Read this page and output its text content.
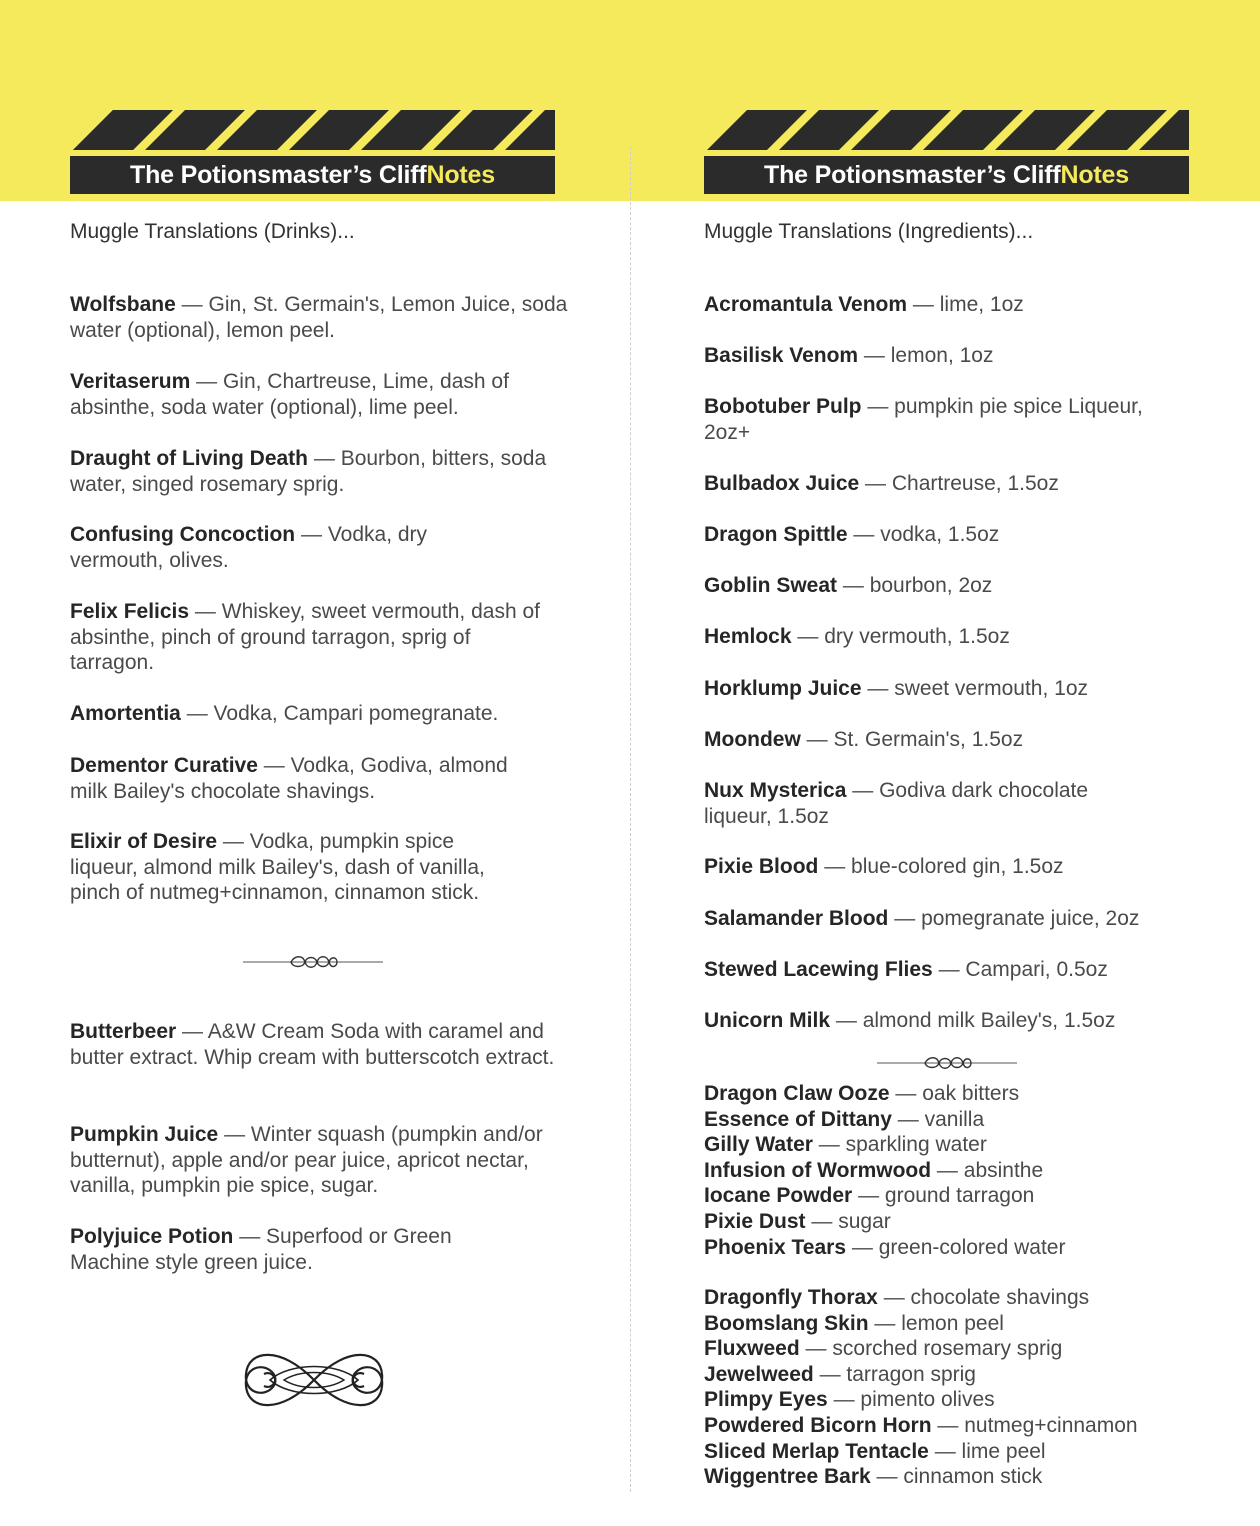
The Potionsmaster’s CliffNotes	The Potionsmaster’s CliffNotes
Muggle Translations (Drinks)...	Muggle Translations (Ingredients)...
Wolfsbane — Gin, St. Germain's, Lemon Juice, soda water (optional), lemon peel.
Veritaserum — Gin, Chartreuse, Lime, dash of absinthe, soda water (optional), lime peel.
Draught of Living Death — Bourbon, bitters, soda water, singed rosemary sprig.
Confusing Concoction — Vodka, dry vermouth, olives.
Felix Felicis — Whiskey, sweet vermouth, dash of absinthe, pinch of ground tarragon, sprig of tarragon.
Amortentia — Vodka, Campari pomegranate.
Dementor Curative — Vodka, Godiva, almond milk Bailey's chocolate shavings.
Elixir of Desire — Vodka, pumpkin spice liqueur, almond milk Bailey's, dash of vanilla, pinch of nutmeg+cinnamon, cinnamon stick.
Butterbeer — A&W Cream Soda with caramel and butter extract. Whip cream with butterscotch extract.
Pumpkin Juice — Winter squash (pumpkin and/or butternut), apple and/or pear juice, apricot nectar, vanilla, pumpkin pie spice, sugar.
Polyjuice Potion — Superfood or Green Machine style green juice.
Acromantula Venom — lime, 1oz
Basilisk Venom — lemon, 1oz
Bobotuber Pulp — pumpkin pie spice Liqueur, 2oz+
Bulbadox Juice — Chartreuse, 1.5oz
Dragon Spittle — vodka, 1.5oz
Goblin Sweat — bourbon, 2oz
Hemlock — dry vermouth, 1.5oz
Horklump Juice — sweet vermouth, 1oz
Moondew — St. Germain's, 1.5oz
Nux Mysterica — Godiva dark chocolate liqueur, 1.5oz
Pixie Blood — blue-colored gin, 1.5oz
Salamander Blood — pomegranate juice, 2oz
Stewed Lacewing Flies — Campari, 0.5oz
Unicorn Milk — almond milk Bailey's, 1.5oz
Dragon Claw Ooze — oak bitters
Essence of Dittany — vanilla
Gilly Water — sparkling water
Infusion of Wormwood — absinthe
Iocane Powder — ground tarragon
Pixie Dust — sugar
Phoenix Tears — green-colored water
Dragonfly Thorax — chocolate shavings
Boomslang Skin — lemon peel
Fluxweed — scorched rosemary sprig
Jewelweed — tarragon sprig
Plimpy Eyes — pimento olives
Powdered Bicorn Horn — nutmeg+cinnamon
Sliced Merlap Tentacle — lime peel
Wiggentree Bark — cinnamon stick
